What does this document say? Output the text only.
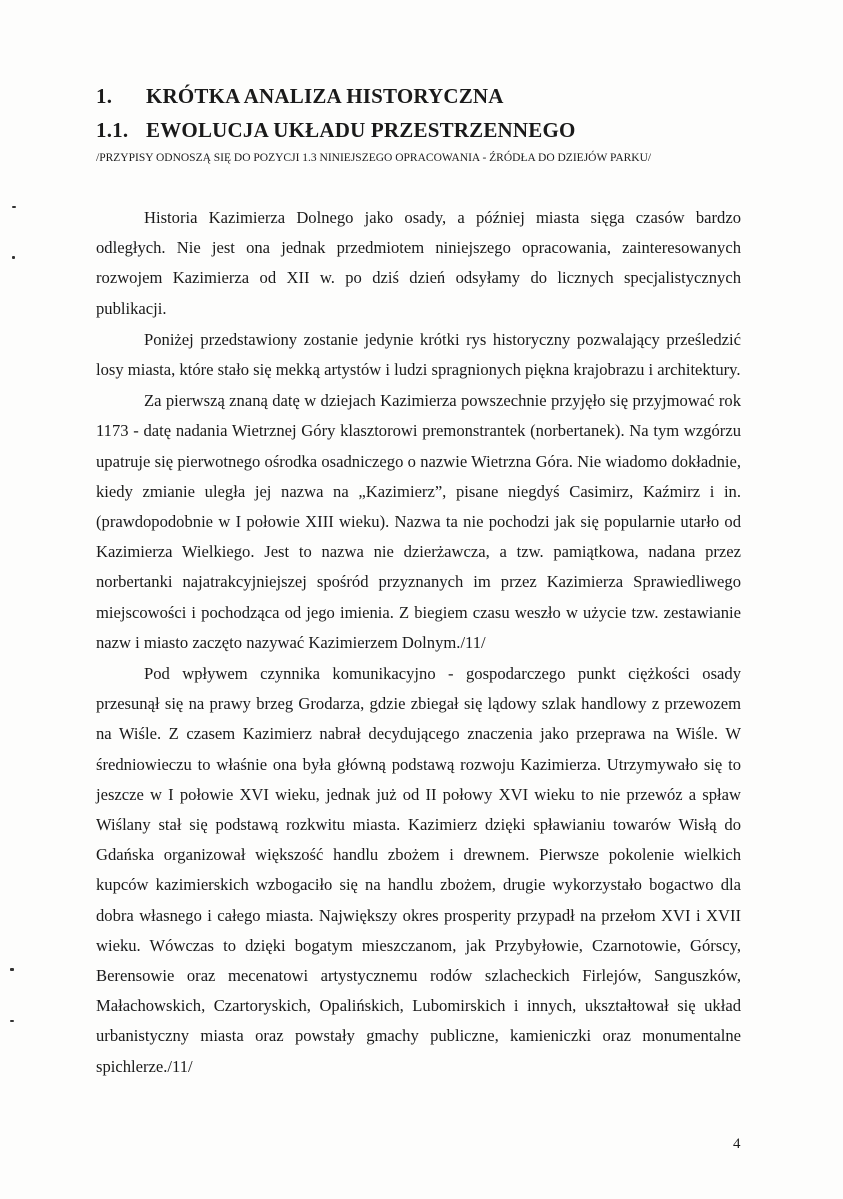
1. KRÓTKA ANALIZA HISTORYCZNA
1.1. EWOLUCJA UKŁADU PRZESTRZENNEGO
/PRZYPISY ODNOSZĄ SIĘ DO POZYCJI 1.3 NINIEJSZEGO OPRACOWANIA - ŹRÓDŁA DO DZIEJÓW PARKU/

Historia Kazimierza Dolnego jako osady, a później miasta sięga czasów bardzo odległych. Nie jest ona jednak przedmiotem niniejszego opracowania, zainteresowanych rozwojem Kazimierza od XII w. po dziś dzień odsyłamy do licznych specjalistycznych publikacji.

Poniżej przedstawiony zostanie jedynie krótki rys historyczny pozwalający prześledzić losy miasta, które stało się mekką artystów i ludzi spragnionych piękna krajobrazu i architektury.

Za pierwszą znaną datę w dziejach Kazimierza powszechnie przyjęło się przyjmować rok 1173 - datę nadania Wietrznej Góry klasztorowi premonstrantek (norbertanek). Na tym wzgórzu upatruje się pierwotnego ośrodka osadniczego o nazwie Wietrzna Góra. Nie wiadomo dokładnie, kiedy zmianie uległa jej nazwa na „Kazimierz”, pisane niegdyś Casimirz, Kaźmirz i in. (prawdopodobnie w I połowie XIII wieku). Nazwa ta nie pochodzi jak się popularnie utarło od Kazimierza Wielkiego. Jest to nazwa nie dzierżawcza, a tzw. pamiątkowa, nadana przez norbertanki najatrakcyjniejszej spośród przyznanych im przez Kazimierza Sprawiedliwego miejscowości i pochodząca od jego imienia. Z biegiem czasu weszło w użycie tzw. zestawianie nazw i miasto zaczęto nazywać Kazimierzem Dolnym./11/

Pod wpływem czynnika komunikacyjno - gospodarczego punkt ciężkości osady przesunął się na prawy brzeg Grodarza, gdzie zbiegał się lądowy szlak handlowy z przewozem na Wiśle. Z czasem Kazimierz nabrał decydującego znaczenia jako przeprawa na Wiśle. W średniowieczu to właśnie ona była główną podstawą rozwoju Kazimierza. Utrzymywało się to jeszcze w I połowie XVI wieku, jednak już od II połowy XVI wieku to nie przewóz a spław Wiślany stał się podstawą rozkwitu miasta. Kazimierz dzięki spławianiu towarów Wisłą do Gdańska organizował większość handlu zbożem i drewnem. Pierwsze pokolenie wielkich kupców kazimierskich wzbogaciło się na handlu zbożem, drugie wykorzystało bogactwo dla dobra własnego i całego miasta. Największy okres prosperity przypadł na przełom XVI i XVII wieku. Wówczas to dzięki bogatym mieszczanom, jak Przybyłowie, Czarnotowie, Górscy, Berensowie oraz mecenatowi artystycznemu rodów szlacheckich Firlejów, Sanguszków, Małachowskich, Czartoryskich, Opalińskich, Lubomirskich i innych, ukształtował się układ urbanistyczny miasta oraz powstały gmachy publiczne, kamieniczki oraz monumentalne spichlerze./11/

4
